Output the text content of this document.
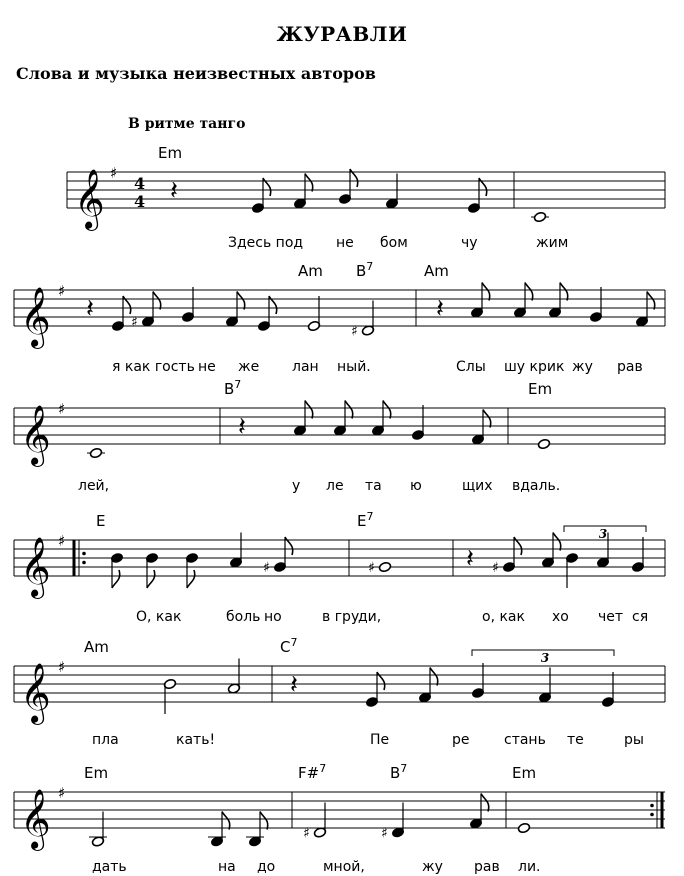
ЖУРАВЛИ
Слова и музыка неизвестных авторов
В ритме танго
𝄞 ♯
4
4 𝄽
Em
Здесь под не бом	чу	жим
𝄞 ♯
𝄽	♯
♯
𝄽
Am $B^7$	Am
я как гость не же лан ный.	Слы шу крик жу рав
𝄞 ♯
𝄽
$B^7$	Em
лей,	у ле та ю	щих вдаль.
𝄞 ♯
♯	♯	𝄽 ♯
3
E	$E^7$
О, как	боль но	в гру
ди,	о, как хо чет ся
𝄞 ♯
𝄽
3
Am	$C^7$
пла	кать!	Пе	ре стань те	ры
𝄞 ♯
♯	♯
Em	F#$^7$	$B^7$	Em
дать	на до	мной,	жу рав ли.
